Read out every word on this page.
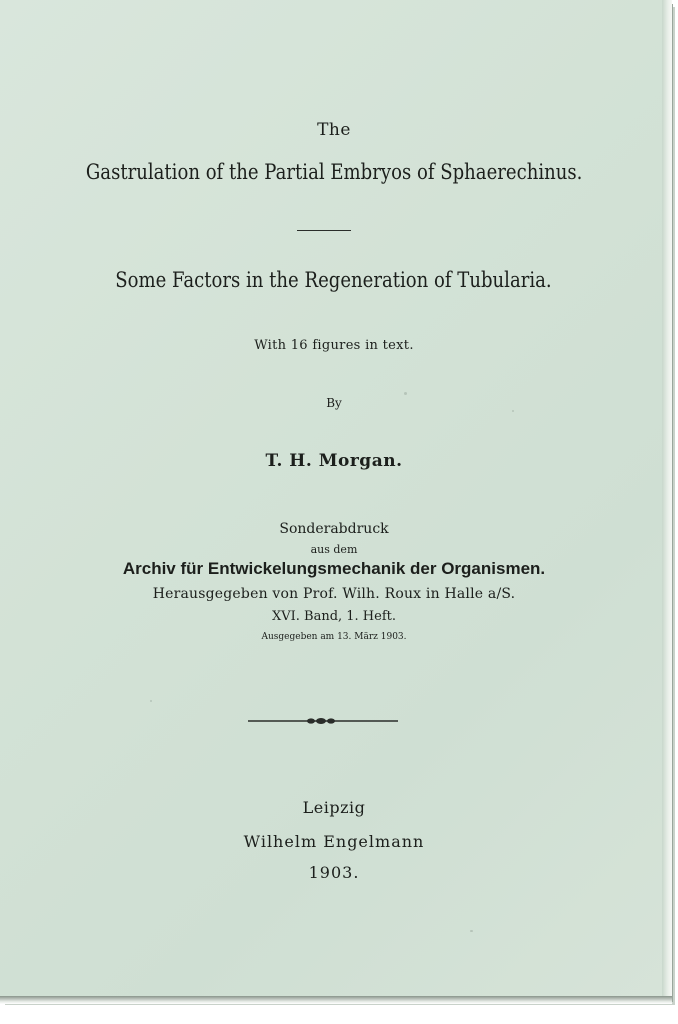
The
Gastrulation of the Partial Embryos of Sphaerechinus.
Some Factors in the Regeneration of Tubularia.
With 16 figures in text.
By
T. H. Morgan.
Sonderabdruck
aus dem
Archiv für Entwickelungsmechanik der Organismen.
Herausgegeben von Prof. Wilh. Roux in Halle a/S.
XVI. Band, 1. Heft.
Ausgegeben am 13. März 1903.
Leipzig
Wilhelm Engelmann
1903.
